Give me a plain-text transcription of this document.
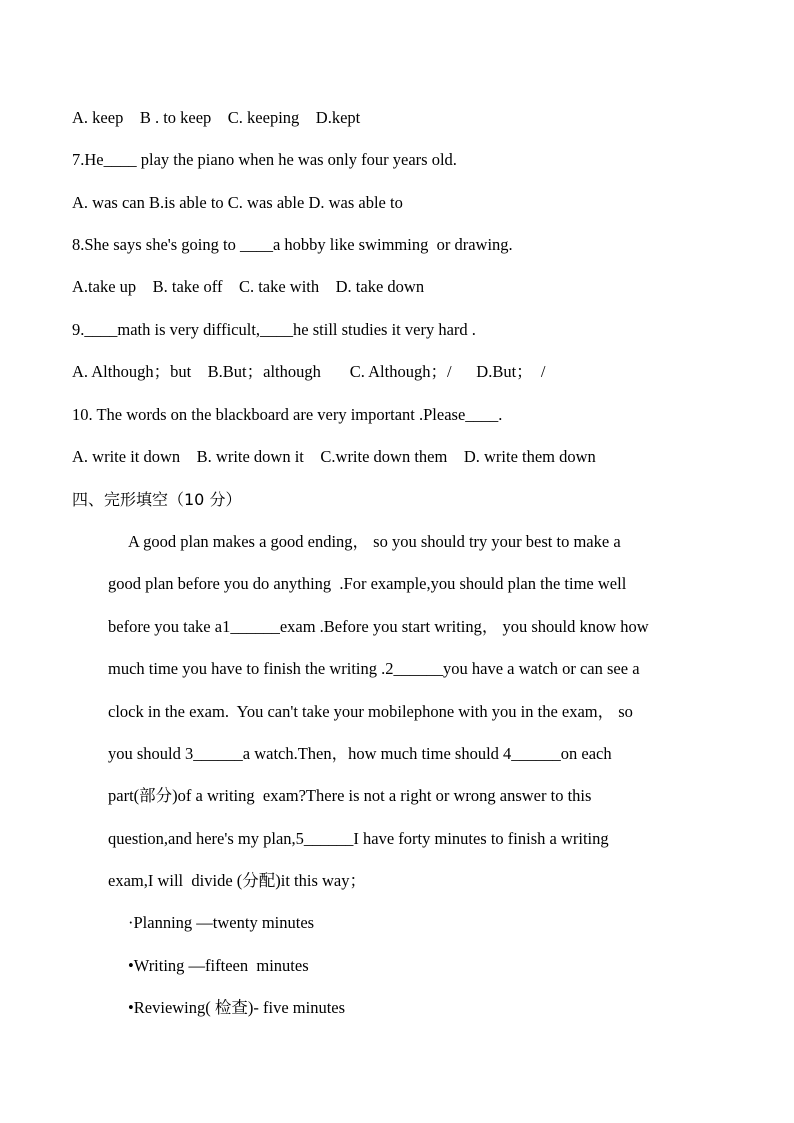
A. keep    B . to keep    C. keeping    D.kept
7.He____ play the piano when he was only four years old.
A. was can B.is able to C. was able D. was able to
8.She says she's going to ____a hobby like swimming  or drawing.
A.take up    B. take off    C. take with    D. take down
9.____math is very difficult,____he still studies it very hard .
A. Although；but    B.But；although       C. Although；/      D.But；  /
10. The words on the blackboard are very important .Please____.
A. write it down    B. write down it    C.write down them    D. write them down
四、完形填空（10 分）
A good plan makes a good ending， so you should try your best to make a
good plan before you do anything  .For example,you should plan the time well
before you take a1______exam .Before you start writing， you should know how
much time you have to finish the writing .2______you have a watch or can see a
clock in the exam.  You can't take your mobilephone with you in the exam， so
you should 3______a watch.Then，how much time should 4______on each
part(部分)of a writing  exam?There is not a right or wrong answer to this
question,and here's my plan,5______I have forty minutes to finish a writing
exam,I will  divide (分配)it this way；
·Planning —twenty minutes
•Writing —fifteen  minutes
•Reviewing( 检查)- five minutes
